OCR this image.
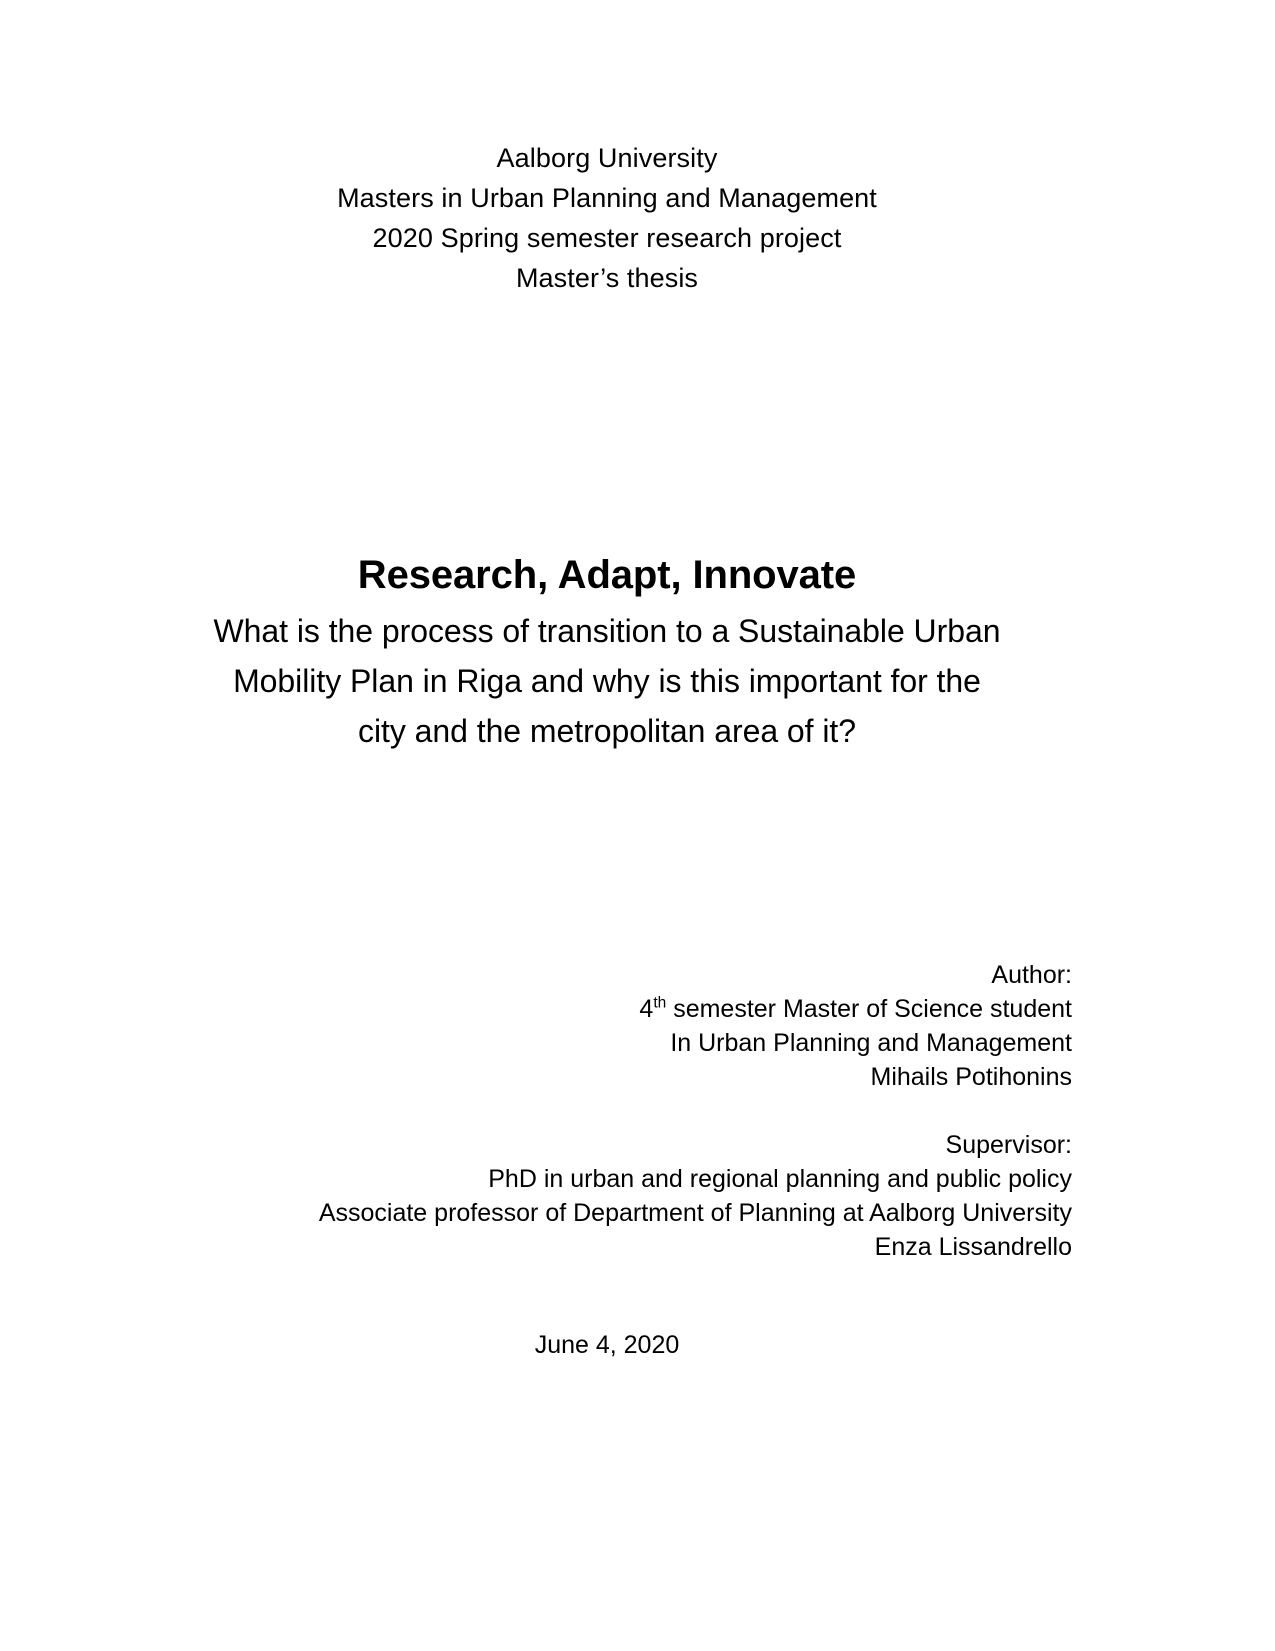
Aalborg University
Masters in Urban Planning and Management
2020 Spring semester research project
Master’s thesis
Research, Adapt, Innovate
What is the process of transition to a Sustainable Urban
Mobility Plan in Riga and why is this important for the
city and the metropolitan area of it?
Author:
4th semester Master of Science student
In Urban Planning and Management
Mihails Potihonins
Supervisor:
PhD in urban and regional planning and public policy
Associate professor of Department of Planning at Aalborg University
Enza Lissandrello
June 4, 2020
